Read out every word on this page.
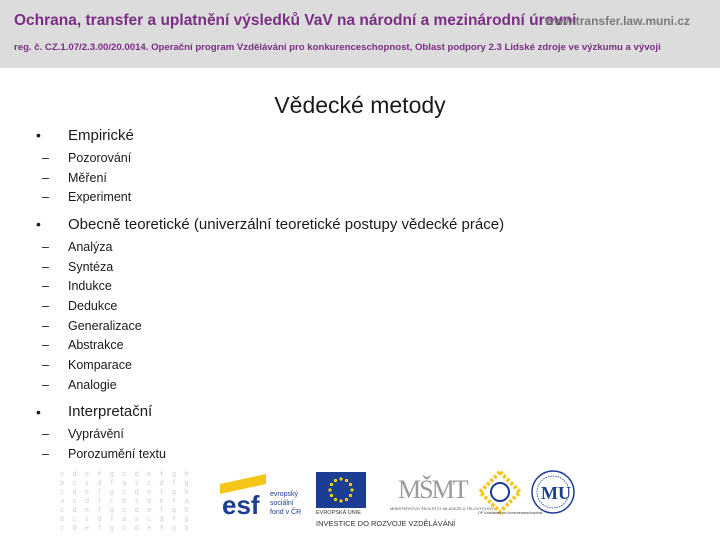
Ochrana, transfer a uplatnění výsledků VaV na národní a mezinárodní úrovni
www.transfer.law.muni.cz
reg. č. CZ.1.07/2.3.00/20.0014. Operační program Vzdělávání pro konkurenceschopnost, Oblast podpory 2.3 Lidské zdroje ve výzkumu a vývoji
Vědecké metody
•	Empirické
–	Pozorování
–	Měření
–	Experiment
•	Obecně teoretické (univerzální teoretické postupy vědecké práce)
–	Analýza
–	Syntéza
–	Indukce
–	Dedukce
–	Generalizace
–	Abstrakce
–	Komparace
–	Analogie
•	Interpretační
–	Vyprávění
–	Porozumění textu
c d e f g c d e f g h
b c s d f a s c d f g
c d e f g c d e f g h
a s d f c b s d e f a
c d e f g c d e f g h
b c s d f a s c d f g
c d e f g c d e f g h
esf evropský
sociální
fond v ČR	EVROPSKÁ UNIE
MŠMT
MINISTERSTVO ŠKOLSTVÍ, MLÁDEŽE A TĚLOVÝCHOVY
INVESTICE DO ROZVOJE VZDĚLÁVÁNÍ
OP Vzdělávání pro konkurenceschopnost
MU
